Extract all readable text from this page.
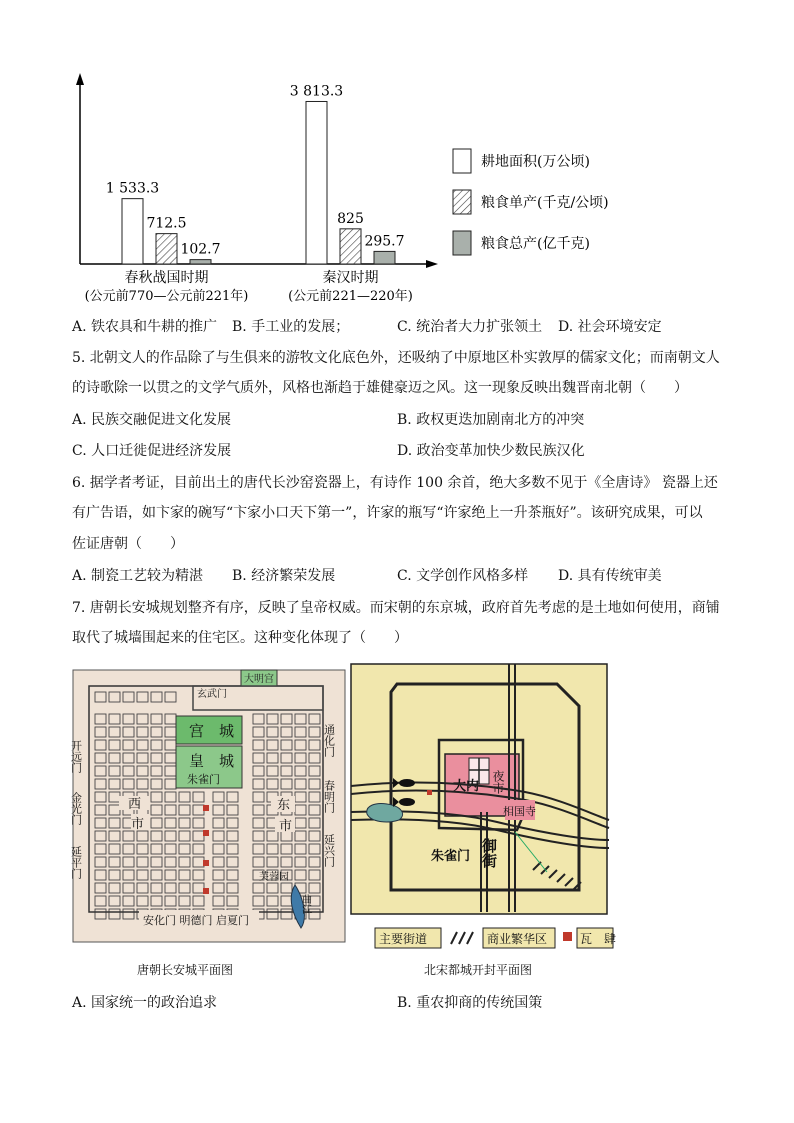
1 533.3
3 813.3
712.5	825
102.7
295.7
春秋战国时期
(公元前770—公元前221年)
秦汉时期
(公元前221—220年)
耕地面积(万公顷)
粮食单产(千克/公顷)
粮食总产(亿千克)
A. 铁农具和牛耕的推广 B. 手工业的发展；	C. 统治者大力扩张领土 D. 社会环境安定
5. 北朝文人的作品除了与生俱来的游牧文化底色外，还吸纳了中原地区朴实敦厚的儒家文化；而南朝文人
的诗歌除一以贯之的文学气质外，风格也渐趋于雄健豪迈之风。这一现象反映出魏晋南北朝（　　）
A. 民族交融促进文化发展	B. 政权更迭加剧南北方的冲突
C. 人口迁徙促进经济发展	D. 政治变革加快少数民族汉化
6. 据学者考证，目前出土的唐代长沙窑瓷器上，有诗作 100 余首，绝大多数不见于《全唐诗》 瓷器上还
有广告语，如卞家的碗写“卞家小口天下第一”，许家的瓶写“许家绝上一升茶瓶好”。该研究成果，可以
佐证唐朝（　　）
A. 制瓷工艺较为精湛 B. 经济繁荣发展	C. 文学创作风格多样 D. 具有传统审美
7. 唐朝长安城规划整齐有序，反映了皇帝权威。而宋朝的东京城，政府首先考虑的是土地如何使用，商铺
取代了城墙围起来的住宅区。这种变化体现了（　　）
大明宫
玄武门
宫　城
皇　城
朱雀门
西
市
东
市
开远门
金光门
延平门
通化门
春明门
延兴门
芙蓉园
曲江
安化门 明德门 启夏门
唐朝长安城平面图
大内 夜市
相国寺
朱雀门 御街
主要街道	商业繁华区	瓦　肆
北宋都城开封平面图
A. 国家统一的政治追求	B. 重农抑商的传统国策
